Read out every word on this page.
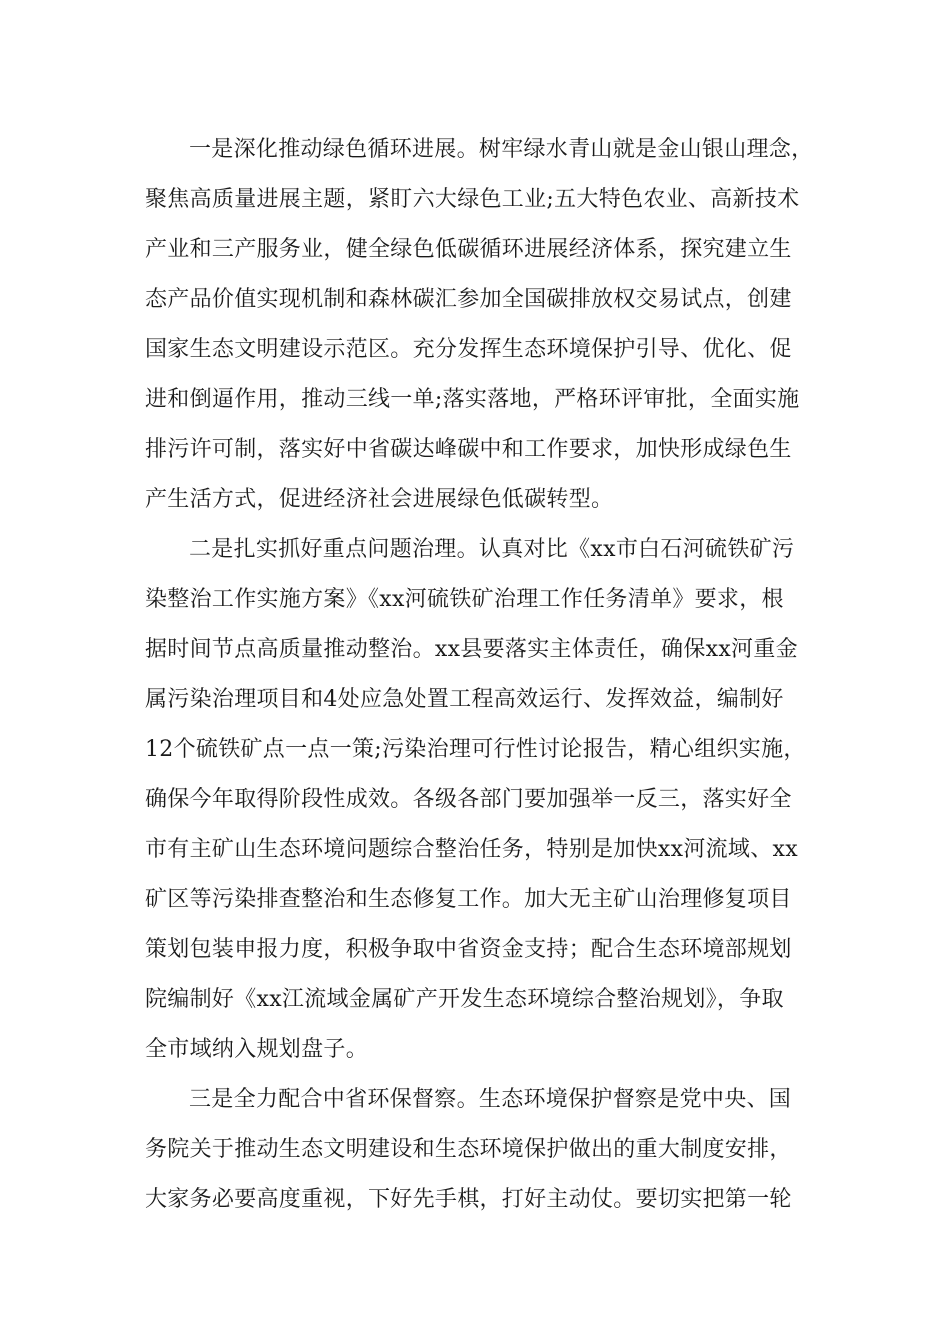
一是深化推动绿色循环进展。树牢绿水青山就是金山银山理念，
聚焦高质量进展主题，紧盯六大绿色工业;五大特色农业、高新技术
产业和三产服务业，健全绿色低碳循环进展经济体系，探究建立生
态产品价值实现机制和森林碳汇参加全国碳排放权交易试点，创建
国家生态文明建设示范区。充分发挥生态环境保护引导、优化、促
进和倒逼作用，推动三线一单;落实落地，严格环评审批，全面实施
排污许可制，落实好中省碳达峰碳中和工作要求，加快形成绿色生
产生活方式，促进经济社会进展绿色低碳转型。
二是扎实抓好重点问题治理。认真对比《xx市白石河硫铁矿污
染整治工作实施方案》《xx河硫铁矿治理工作任务清单》要求，根
据时间节点高质量推动整治。xx县要落实主体责任，确保xx河重金
属污染治理项目和4处应急处置工程高效运行、发挥效益，编制好
12个硫铁矿点一点一策;污染治理可行性讨论报告，精心组织实施，
确保今年取得阶段性成效。各级各部门要加强举一反三，落实好全
市有主矿山生态环境问题综合整治任务，特别是加快xx河流域、xx
矿区等污染排查整治和生态修复工作。加大无主矿山治理修复项目
策划包装申报力度，积极争取中省资金支持；配合生态环境部规划
院编制好《xx江流域金属矿产开发生态环境综合整治规划》，争取
全市域纳入规划盘子。
三是全力配合中省环保督察。生态环境保护督察是党中央、国
务院关于推动生态文明建设和生态环境保护做出的重大制度安排，
大家务必要高度重视，下好先手棋，打好主动仗。要切实把第一轮
